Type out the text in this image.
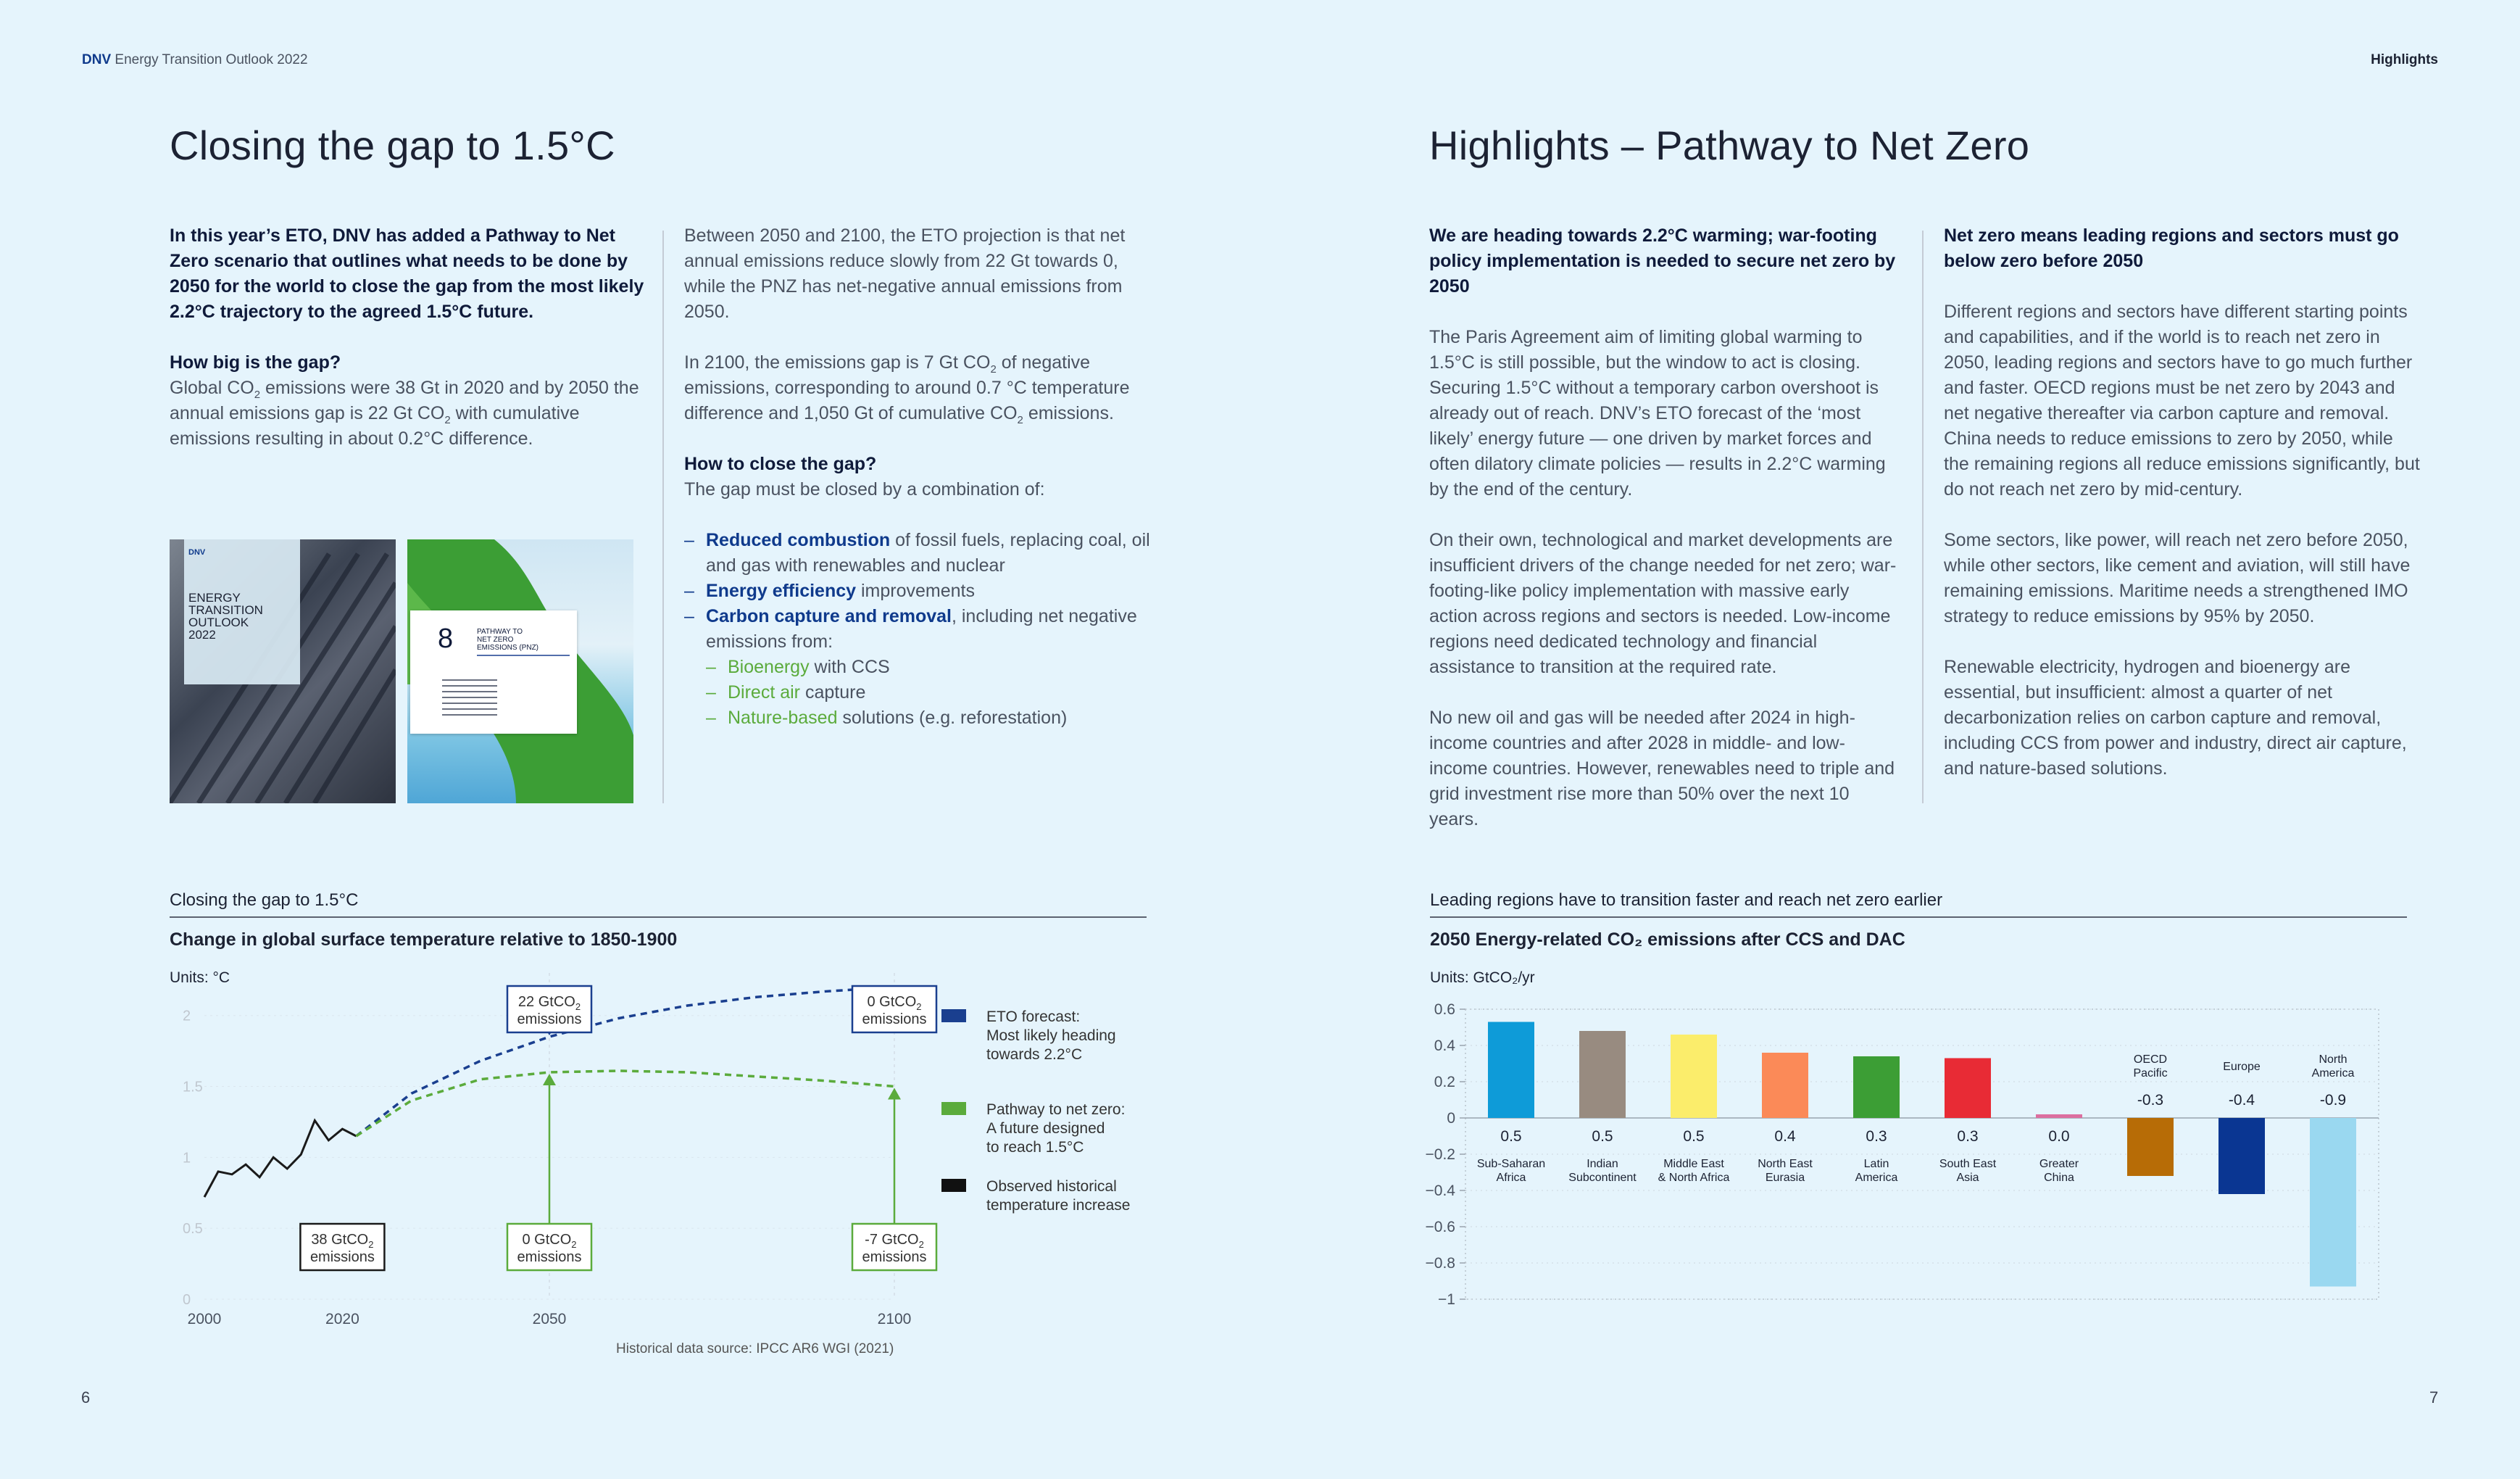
DNV Energy Transition Outlook 2022	Highlights
Closing the gap to 1.5°C

In this year’s ETO, DNV has added a Pathway to Net Zero scenario that outlines what needs to be done by 2050 for the world to close the gap from the most likely 2.2°C trajectory to the agreed 1.5°C future.

How big is the gap?

Global $CO_2$ emissions were 38 Gt in 2020 and by 2050 the annual emissions gap is 22 Gt $CO_2$ with cumulative emissions resulting in about 0.2°C difference.

Between 2050 and 2100, the ETO projection is that net annual emissions reduce slowly from 22 Gt towards 0, while the PNZ has net-negative annual emissions from 2050.

In 2100, the emissions gap is 7 Gt $CO_2$ of negative emissions, corresponding to around 0.7 °C temperature difference and 1,050 Gt of cumulative $CO_2$ emissions.

How to close the gap?

The gap must be closed by a combination of:

– Reduced combustion of fossil fuels, replacing coal, oil and gas with renewables and nuclear
– Energy efficiency improvements
– Carbon capture and removal, including net negative emissions from:
– Bioenergy with CCS
– Direct air capture
– Nature-based solutions (e.g. reforestation)
DNV
ENERGY
TRANSITION
OUTLOOK
2022	8	PATHWAY TO
NET ZERO
EMISSIONS (PNZ)
Closing the gap to 1.5°C
Change in global surface temperature relative to 1850-1900
Units: °C
0
0.5
1
1.5
2
2000	2020	2050	2100
22 GtCO$_2$
emissions
0 GtCO$_2$
emissions
38 GtCO$_2$
emissions
0 GtCO$_2$
emissions
-7 GtCO$_2$
emissions
ETO forecast:
Most likely heading
towards 2.2°C
Pathway to net zero:
A future designed
to reach 1.5°C
Observed historical
temperature increase
Historical data source: IPCC AR6 WGI (2021)
6
Highlights – Pathway to Net Zero

We are heading towards 2.2°C warming; war-footing policy implementation is needed to secure net zero by 2050

The Paris Agreement aim of limiting global warming to 1.5°C is still possible, but the window to act is closing. Securing 1.5°C without a temporary carbon overshoot is already out of reach. DNV’s ETO forecast of the ‘most likely’ energy future — one driven by market forces and often dilatory climate policies — results in 2.2°C warming by the end of the century.

On their own, technological and market developments are insufficient drivers of the change needed for net zero; war-footing-like policy implementation with massive early action across regions and sectors is needed. Low-income regions need dedicated technology and financial assistance to transition at the required rate.

No new oil and gas will be needed after 2024 in high-income countries and after 2028 in middle- and low-income countries. However, renewables need to triple and grid investment rise more than 50% over the next 10 years.

Net zero means leading regions and sectors must go below zero before 2050

Different regions and sectors have different starting points and capabilities, and if the world is to reach net zero in 2050, leading regions and sectors have to go much further and faster. OECD regions must be net zero by 2043 and net negative thereafter via carbon capture and removal. China needs to reduce emissions to zero by 2050, while the remaining regions all reduce emissions significantly, but do not reach net zero by mid-century.

Some sectors, like power, will reach net zero before 2050, while other sectors, like cement and aviation, will still have remaining emissions. Maritime needs a strengthened IMO strategy to reduce emissions by 95% by 2050.

Renewable electricity, hydrogen and bioenergy are essential, but insufficient: almost a quarter of net decarbonization relies on carbon capture and removal, including CCS from power and industry, direct air capture, and nature-based solutions.

Leading regions have to transition faster and reach net zero earlier
2050 Energy-related CO₂ emissions after CCS and DAC
Units: GtCO₂/yr
0.6
0.4
0.2
0
−0.2
−0.4
−0.6
−0.8
−1
0.5
Sub-Saharan
Africa
0.5
Indian
Subcontinent
0.5
Middle East
& North Africa
0.4
North East
Eurasia
0.3
Latin
America
0.3
South East
Asia
0.0
Greater
China
-0.3
OECD
Pacific
-0.4
Europe
-0.9
North
America
7
